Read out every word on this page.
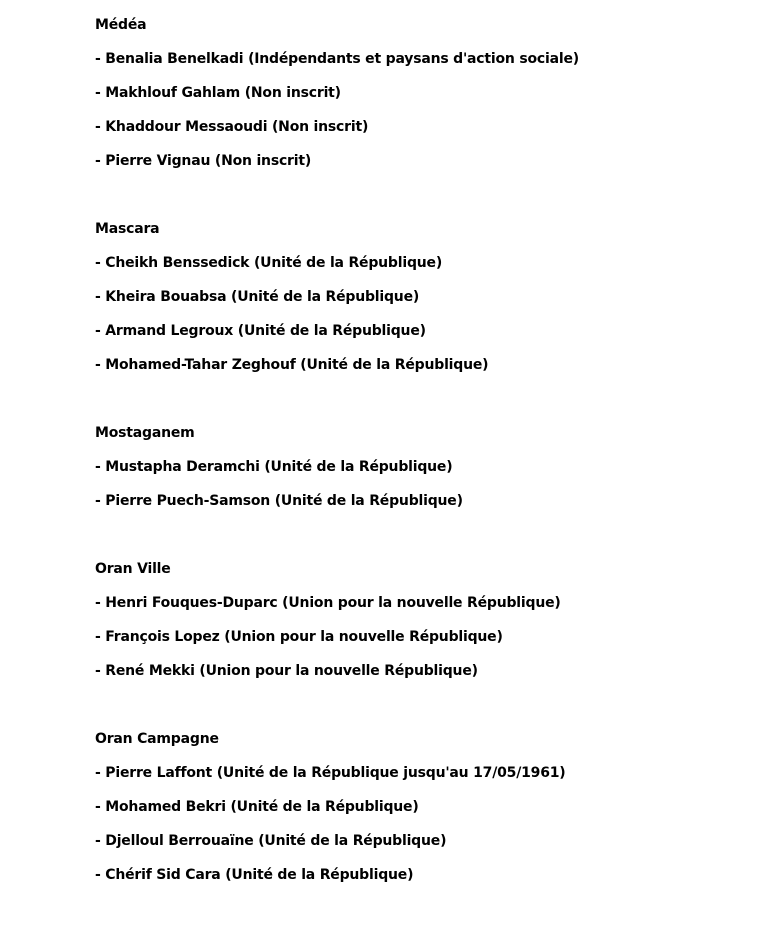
Médéa
- Benalia Benelkadi (Indépendants et paysans d'action sociale)
- Makhlouf Gahlam (Non inscrit)
- Khaddour Messaoudi (Non inscrit)
- Pierre Vignau (Non inscrit)
Mascara
- Cheikh Benssedick (Unité de la République)
- Kheira Bouabsa (Unité de la République)
- Armand Legroux (Unité de la République)
- Mohamed-Tahar Zeghouf (Unité de la République)
Mostaganem
- Mustapha Deramchi (Unité de la République)
- Pierre Puech-Samson (Unité de la République)
Oran Ville
- Henri Fouques-Duparc (Union pour la nouvelle République)
- François Lopez (Union pour la nouvelle République)
- René Mekki (Union pour la nouvelle République)
Oran Campagne
- Pierre Laffont (Unité de la République jusqu'au 17/05/1961)
- Mohamed Bekri (Unité de la République)
- Djelloul Berrouaïne (Unité de la République)
- Chérif Sid Cara (Unité de la République)
